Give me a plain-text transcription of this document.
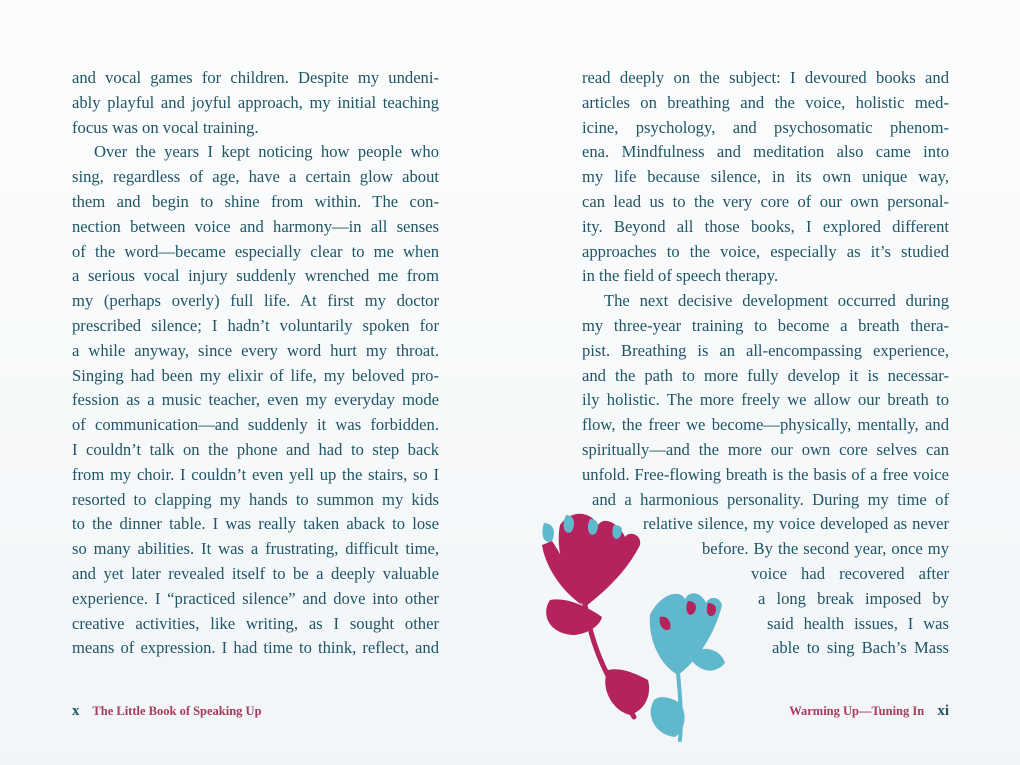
and vocal games for children. Despite my undeni-
ably playful and joyful approach, my initial teaching
focus was on vocal training.
Over the years I kept noticing how people who
sing, regardless of age, have a certain glow about
them and begin to shine from within. The con-
nection between voice and harmony—in all senses
of the word—became especially clear to me when
a serious vocal injury suddenly wrenched me from
my (perhaps overly) full life. At first my doctor
prescribed silence; I hadn’t voluntarily spoken for
a while anyway, since every word hurt my throat.
Singing had been my elixir of life, my beloved pro-
fession as a music teacher, even my everyday mode
of communication—and suddenly it was forbidden.
I couldn’t talk on the phone and had to step back
from my choir. I couldn’t even yell up the stairs, so I
resorted to clapping my hands to summon my kids
to the dinner table. I was really taken aback to lose
so many abilities. It was a frustrating, difficult time,
and yet later revealed itself to be a deeply valuable
experience. I “practiced silence” and dove into other
creative activities, like writing, as I sought other
means of expression. I had time to think, reflect, and
read deeply on the subject: I devoured books and
articles on breathing and the voice, holistic med-
icine, psychology, and psychosomatic phenom-
ena. Mindfulness and meditation also came into
my life because silence, in its own unique way,
can lead us to the very core of our own personal-
ity. Beyond all those books, I explored different
approaches to the voice, especially as it’s studied
in the field of speech therapy.
The next decisive development occurred during
my three-year training to become a breath thera-
pist. Breathing is an all-encompassing experience,
and the path to more fully develop it is necessar-
ily holistic. The more freely we allow our breath to
flow, the freer we become—physically, mentally, and
spiritually—and the more our own core selves can
unfold. Free-flowing breath is the basis of a free voice
and a harmonious personality. During my time of
relative silence, my voice developed as never
before. By the second year, once my
voice had recovered after
a long break imposed by
said health issues, I was
able to sing Bach’s Mass
x The Little Book of Speaking Up	Warming Up—Tuning In xi
